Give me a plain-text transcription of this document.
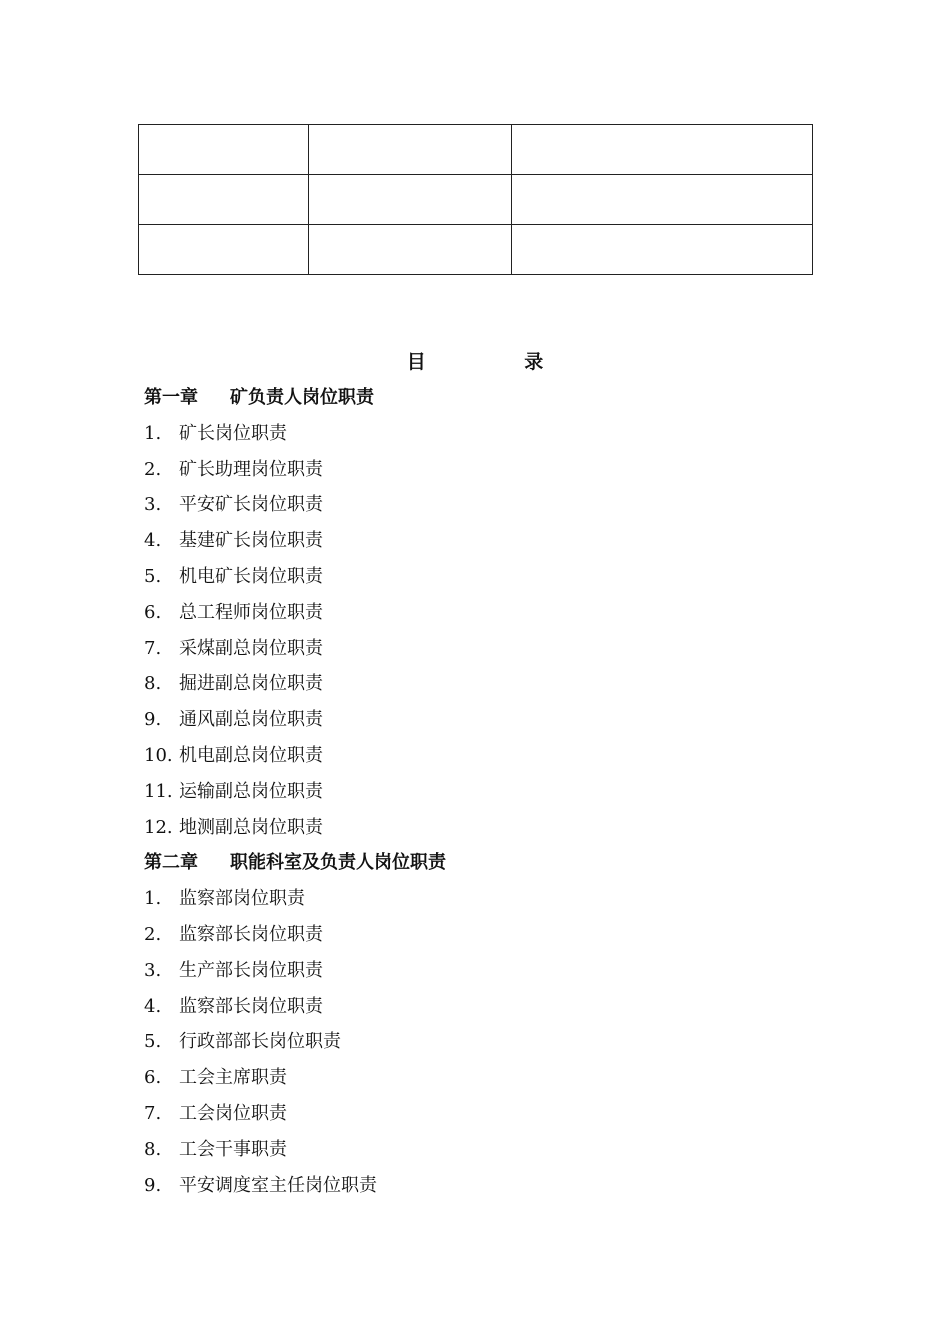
目 录
第一章 矿负责人岗位职责
1. 矿长岗位职责
2. 矿长助理岗位职责
3. 平安矿长岗位职责
4. 基建矿长岗位职责
5. 机电矿长岗位职责
6. 总工程师岗位职责
7. 采煤副总岗位职责
8. 掘进副总岗位职责
9. 通风副总岗位职责
10. 机电副总岗位职责
11. 运输副总岗位职责
12. 地测副总岗位职责
第二章 职能科室及负责人岗位职责
1. 监察部岗位职责
2. 监察部长岗位职责
3. 生产部长岗位职责
4. 监察部长岗位职责
5. 行政部部长岗位职责
6. 工会主席职责
7. 工会岗位职责
8. 工会干事职责
9. 平安调度室主任岗位职责
